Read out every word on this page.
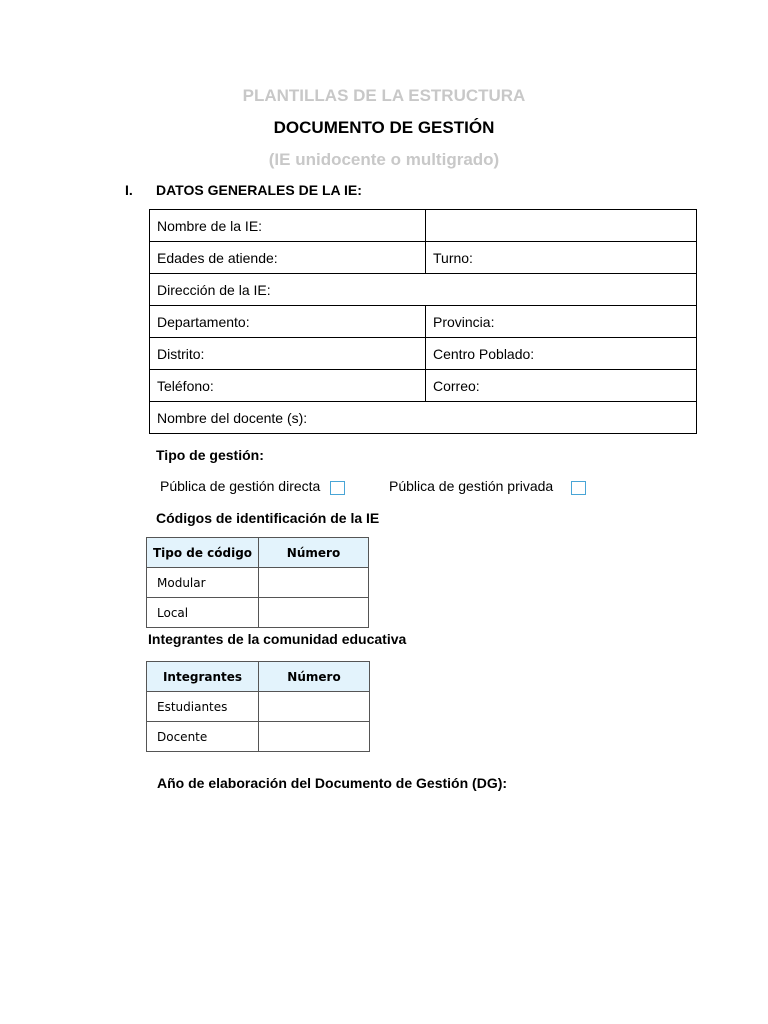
PLANTILLAS DE LA ESTRUCTURA
DOCUMENTO DE GESTIÓN
(IE unidocente o multigrado)
I. DATOS GENERALES DE LA IE:
Nombre de la IE:	
Edades de atiende:	Turno:
Dirección de la IE:	
Departamento:	Provincia:
Distrito:	Centro Poblado:
Teléfono:	Correo:
Nombre del docente (s):	
Tipo de gestión:
Pública de gestión directa	Pública de gestión privada
Códigos de identificación de la IE
Tipo de código	Número
Modular	
Local	
Integrantes de la comunidad educativa
Integrantes	Número
Estudiantes	
Docente	
Año de elaboración del Documento de Gestión (DG):
